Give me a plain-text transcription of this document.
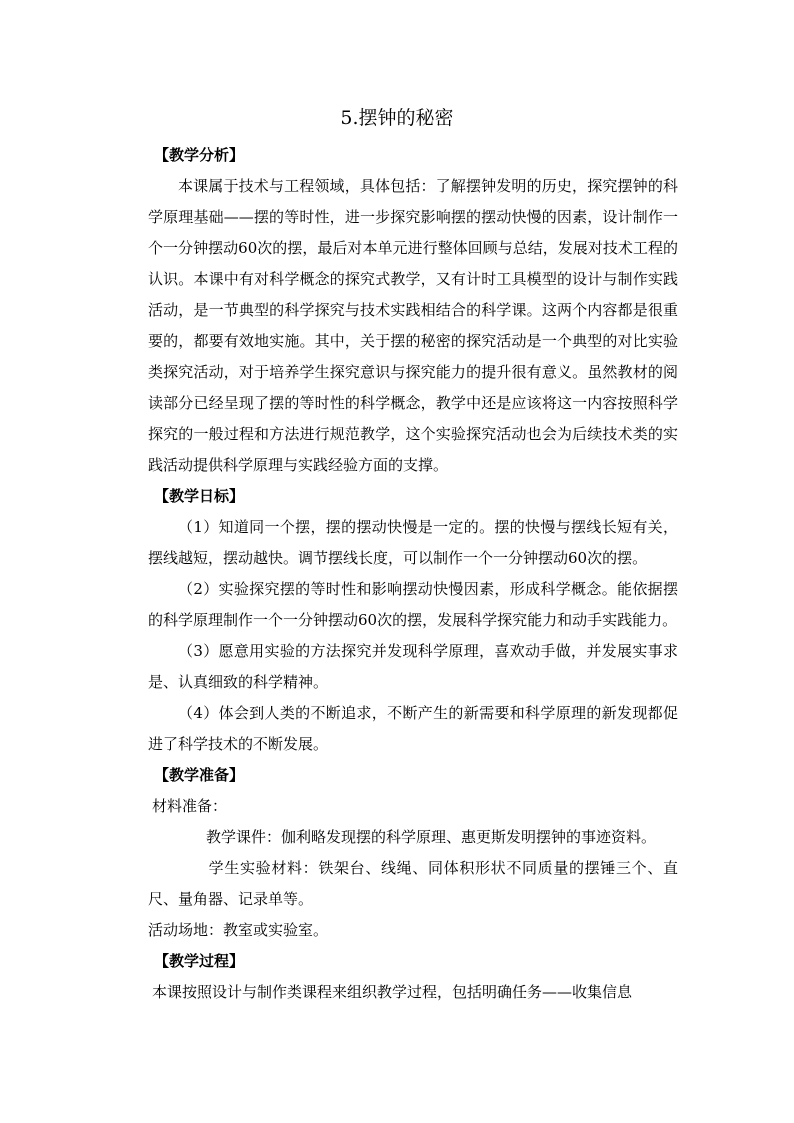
5.摆钟的秘密

【教学分析】

本课属于技术与工程领域，具体包括：了解摆钟发明的历史，探究摆钟的科学原理基础——摆的等时性，进一步探究影响摆的摆动快慢的因素，设计制作一个一分钟摆动60次的摆，最后对本单元进行整体回顾与总结，发展对技术工程的认识。本课中有对科学概念的探究式教学，又有计时工具模型的设计与制作实践活动，是一节典型的科学探究与技术实践相结合的科学课。这两个内容都是很重要的，都要有效地实施。其中，关于摆的秘密的探究活动是一个典型的对比实验类探究活动，对于培养学生探究意识与探究能力的提升很有意义。虽然教材的阅读部分已经呈现了摆的等时性的科学概念，教学中还是应该将这一内容按照科学探究的一般过程和方法进行规范教学，这个实验探究活动也会为后续技术类的实践活动提供科学原理与实践经验方面的支撑。

【教学日标】

（1）知道同一个摆，摆的摆动快慢是一定的。摆的快慢与摆线长短有关，摆线越短，摆动越快。调节摆线长度，可以制作一个一分钟摆动60次的摆。

（2）实验探究摆的等时性和影响摆动快慢因素，形成科学概念。能依据摆的科学原理制作一个一分钟摆动60次的摆，发展科学探究能力和动手实践能力。

（3）愿意用实验的方法探究并发现科学原理，喜欢动手做，并发展实事求是、认真细致的科学精神。

（4）体会到人类的不断追求，不断产生的新需要和科学原理的新发现都促进了科学技术的不断发展。

【教学准备】

材料准备：

教学课件：伽利略发现摆的科学原理、惠更斯发明摆钟的事迹资料。

学生实验材料：铁架台、线绳、同体积形状不同质量的摆锤三个、直尺、量角器、记录单等。

活动场地：教室或实验室。

【教学过程】

本课按照设计与制作类课程来组织教学过程，包括明确任务——收集信息
